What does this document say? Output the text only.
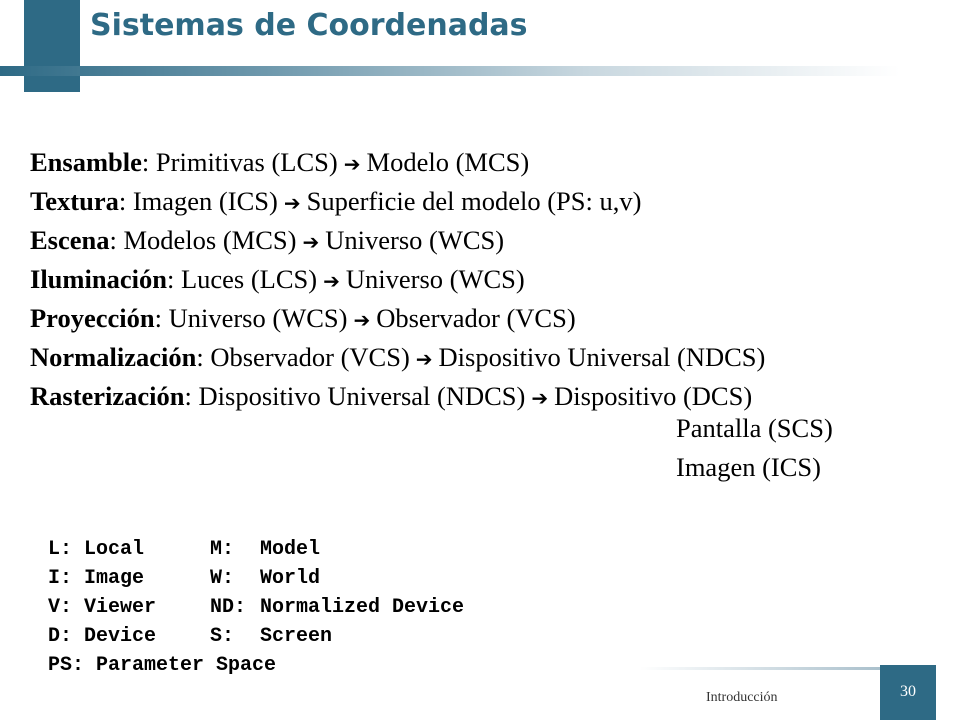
Sistemas de Coordenadas
Ensamble: Primitivas (LCS) ➔ Modelo (MCS)
Textura: Imagen (ICS) ➔ Superficie del modelo (PS: u,v)
Escena: Modelos (MCS) ➔ Universo (WCS)
Iluminación: Luces (LCS) ➔ Universo (WCS)
Proyección: Universo (WCS) ➔ Observador (VCS)
Normalización: Observador (VCS) ➔ Dispositivo Universal (NDCS)
Rasterización: Dispositivo Universal (NDCS) ➔ Dispositivo (DCS)

Pantalla (SCS)

Imagen (ICS)

L: Local	M: Model
I: Image	W: World
V: Viewer	ND: Normalized Device
D: Device	S: Screen
PS: Parameter Space
30
Introducción
